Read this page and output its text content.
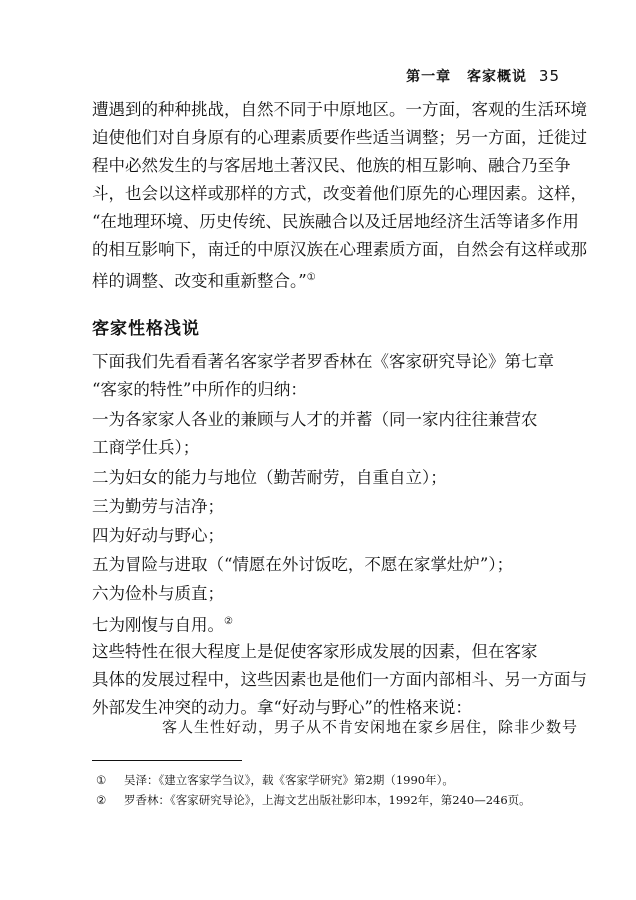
第一章 客家概说 35
遭遇到的种种挑战，自然不同于中原地区。一方面，客观的生活环境
迫使他们对自身原有的心理素质要作些适当调整；另一方面，迁徙过
程中必然发生的与客居地土著汉民、他族的相互影响、融合乃至争
斗，也会以这样或那样的方式，改变着他们原先的心理因素。这样，
“在地理环境、历史传统、民族融合以及迁居地经济生活等诸多作用
的相互影响下，南迁的中原汉族在心理素质方面，自然会有这样或那
样的调整、改变和重新整合。”①
客家性格浅说
下面我们先看看著名客家学者罗香林在《客家研究导论》第七章
“客家的特性”中所作的归纳：
一为各家家人各业的兼顾与人才的并蓄（同一家内往往兼营农
工商学仕兵）；
二为妇女的能力与地位（勤苦耐劳，自重自立）；
三为勤劳与洁净；
四为好动与野心；
五为冒险与进取（“情愿在外讨饭吃，不愿在家掌灶炉”）；
六为俭朴与质直；
七为刚愎与自用。②
这些特性在很大程度上是促使客家形成发展的因素，但在客家
具体的发展过程中，这些因素也是他们一方面内部相斗、另一方面与
外部发生冲突的动力。拿“好动与野心”的性格来说：
客人生性好动，男子从不肯安闲地在家乡居住，除非少数号
① 吴泽：《建立客家学刍议》，载《客家学研究》第2期（1990年）。
② 罗香林：《客家研究导论》，上海文艺出版社影印本，1992年，第240—246页。
